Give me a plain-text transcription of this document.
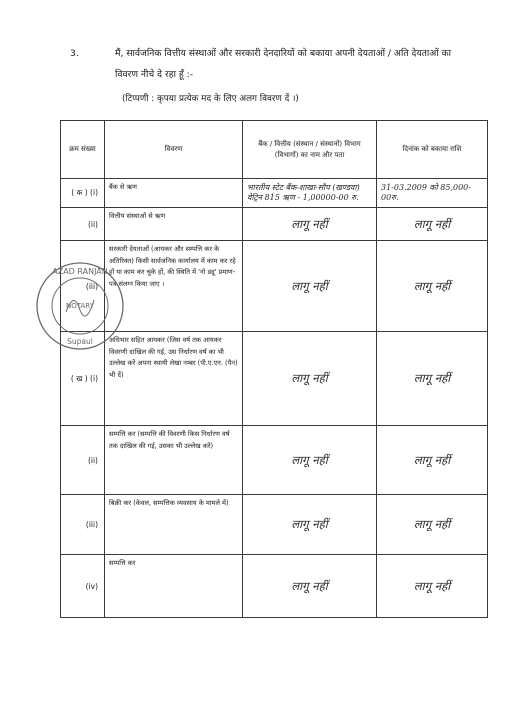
3.	मैं, सार्वजनिक वित्तीय संस्थाओं और सरकारी देनदारियों को बकाया अपनी देयताओं / अति देयताओं का
विवरण नीचे दे रहा हूँ :-
(टिप्पणी : कृपया प्रत्येक मद के लिए अलग विवरण दें ।)
क्रम संख्या	विवरण	बैंक / वित्तीय (संस्थान / संस्थानों) विभाग (विभागों) का नाम और पता	दिनांक को बकाया राशि
( क ) (i)	बैंक से ऋण	भारतीय स्टेट बैंक-शाखा-सौप (खण्डवा) वेट्रिन 815 ऋण - 1,00000-00 रु.	31-03.2009 को 85,000-00रु.
(ii)	वित्तीय संस्थाओं से ऋण	लागू नहीं	लागू नहीं
(iii)	सरकारी देयताओं (आयकर और सम्पत्ति कर के अतिरिक्त) किसी सार्वजनिक कार्यालय में काम कर रहे हों या काम कर चुके हों, की स्थिति में 'नो ड्यू' प्रमाण-पत्र संलग्न किया जाए ।	लागू नहीं	लागू नहीं
( ख ) (i)	अधिभार सहित आयकर (जिस वर्ष तक आयकर विवरणी दाखिल की गई, उस निर्धारण वर्ष का भी उल्लेख करें अपना स्थायी लेखा नम्बर (पी.ए.एन. (पैन) भी दें)	लागू नहीं	लागू नहीं
(ii)	सम्पत्ति कर (सम्पत्ति की विवरणी किस निर्धारण वर्ष तक दाखिल की गई, उसका भी उल्लेख करें)	लागू नहीं	लागू नहीं
(iii)	बिक्री कर (केवल, सम्पत्तिक व्यवसाय के मामले में)	लागू नहीं	लागू नहीं
(iv)	सम्पत्ति कर	लागू नहीं	लागू नहीं
AZAD RANJAN
NOTARY
Supaul
